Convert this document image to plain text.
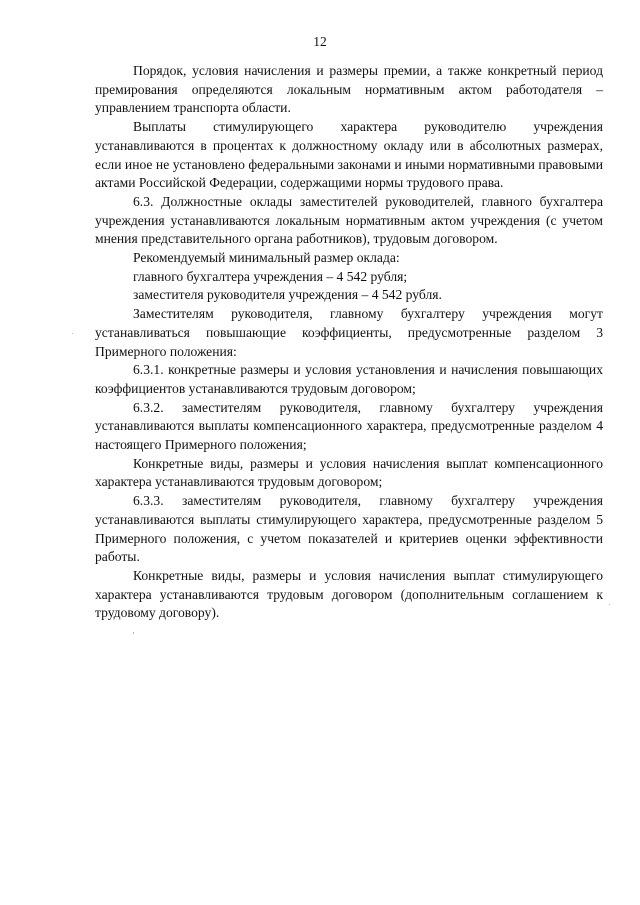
12

Порядок, условия начисления и размеры премии, а также конкретный период премирования определяются локальным нормативным актом работодателя – управлением транспорта области.

Выплаты стимулирующего характера руководителю учреждения устанавливаются в процентах к должностному окладу или в абсолютных размерах, если иное не установлено федеральными законами и иными нормативными правовыми актами Российской Федерации, содержащими нормы трудового права.

6.3. Должностные оклады заместителей руководителей, главного бухгалтера учреждения устанавливаются локальным нормативным актом учреждения (с учетом мнения представительного органа работников), трудовым договором.

Рекомендуемый минимальный размер оклада:

главного бухгалтера учреждения – 4 542 рубля;

заместителя руководителя учреждения – 4 542 рубля.

Заместителям руководителя, главному бухгалтеру учреждения могут устанавливаться повышающие коэффициенты, предусмотренные разделом 3 Примерного положения:

6.3.1. конкретные размеры и условия установления и начисления повышающих коэффициентов устанавливаются трудовым договором;

6.3.2. заместителям руководителя, главному бухгалтеру учреждения устанавливаются выплаты компенсационного характера, предусмотренные разделом 4 настоящего Примерного положения;

Конкретные виды, размеры и условия начисления выплат компенсационного характера устанавливаются трудовым договором;

6.3.3. заместителям руководителя, главному бухгалтеру учреждения устанавливаются выплаты стимулирующего характера, предусмотренные разделом 5 Примерного положения, с учетом показателей и критериев оценки эффективности работы.

Конкретные виды, размеры и условия начисления выплат стимулирующего характера устанавливаются трудовым договором (дополнительным соглашением к трудовому договору).
